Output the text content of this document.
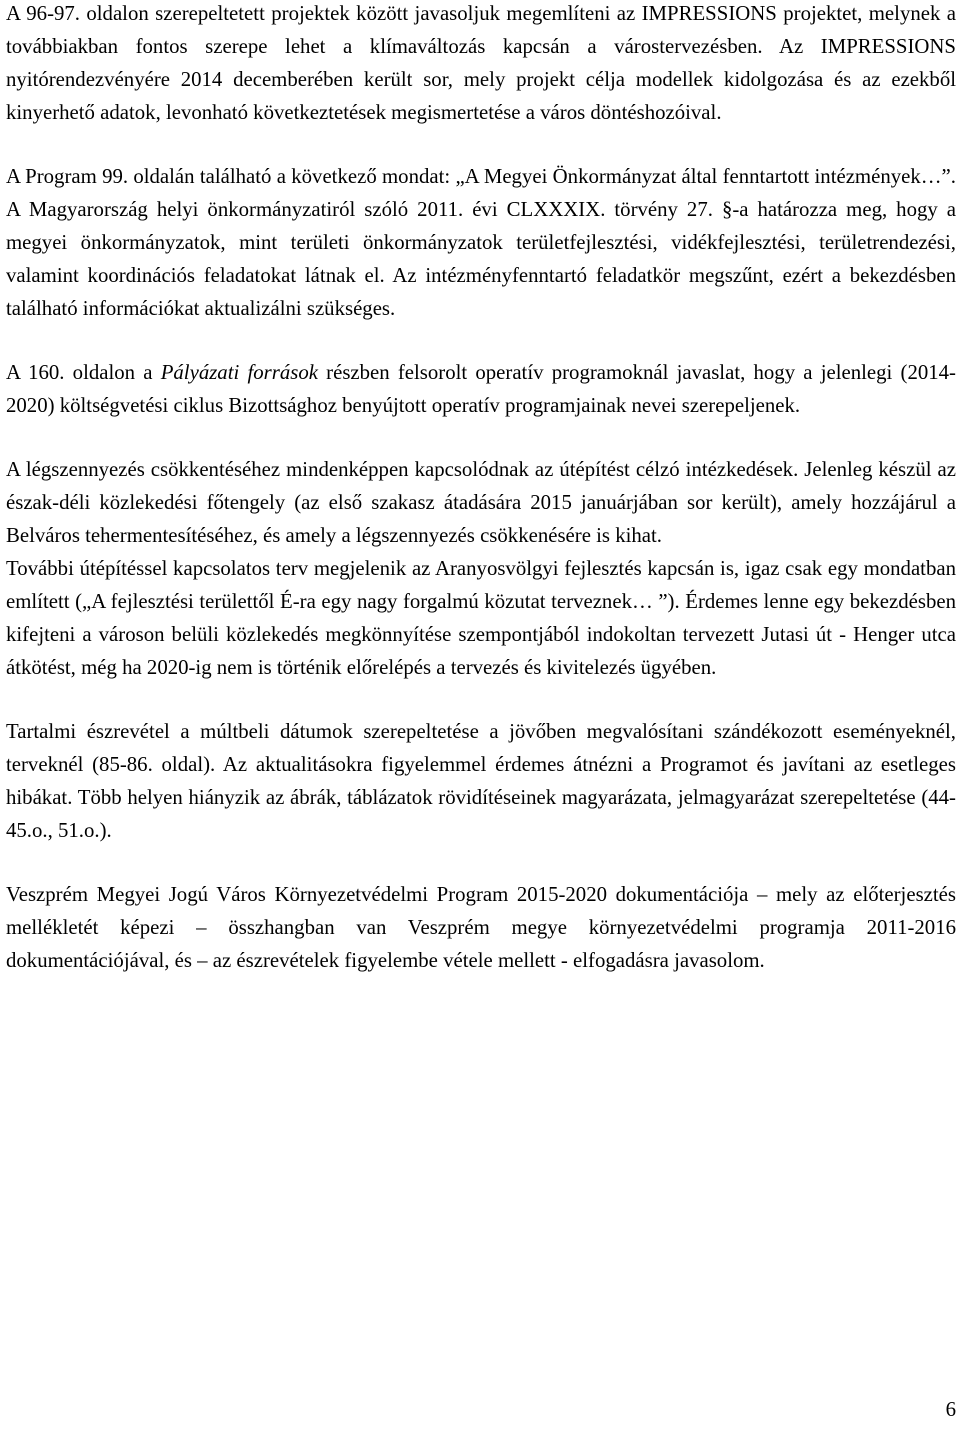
A 96-97. oldalon szerepeltetett projektek között javasoljuk megemlíteni az IMPRESSIONS projektet, melynek a továbbiakban fontos szerepe lehet a klímaváltozás kapcsán a várostervezésben. Az IMPRESSIONS nyitórendezvényére 2014 decemberében került sor, mely projekt célja modellek kidolgozása és az ezekből kinyerhető adatok, levonható következtetések megismertetése a város döntéshozóival.

A Program 99. oldalán található a következő mondat: „A Megyei Önkormányzat által fenntartott intézmények…”. A Magyarország helyi önkormányzatiról szóló 2011. évi CLXXXIX. törvény 27. §-a határozza meg, hogy a megyei önkormányzatok, mint területi önkormányzatok területfejlesztési, vidékfejlesztési, területrendezési, valamint koordinációs feladatokat látnak el. Az intézményfenntartó feladatkör megszűnt, ezért a bekezdésben található információkat aktualizálni szükséges.

A 160. oldalon a Pályázati források részben felsorolt operatív programoknál javaslat, hogy a jelenlegi (2014-2020) költségvetési ciklus Bizottsághoz benyújtott operatív programjainak nevei szerepeljenek.

A légszennyezés csökkentéséhez mindenképpen kapcsolódnak az útépítést célzó intézkedések. Jelenleg készül az észak-déli közlekedési főtengely (az első szakasz átadására 2015 januárjában sor került), amely hozzájárul a Belváros tehermentesítéséhez, és amely a légszennyezés csökkenésére is kihat.

További útépítéssel kapcsolatos terv megjelenik az Aranyosvölgyi fejlesztés kapcsán is, igaz csak egy mondatban említett („A fejlesztési területtől É-ra egy nagy forgalmú közutat terveznek… ”). Érdemes lenne egy bekezdésben kifejteni a városon belüli közlekedés megkönnyítése szempontjából indokoltan tervezett Jutasi út - Henger utca átkötést, még ha 2020-ig nem is történik előrelépés a tervezés és kivitelezés ügyében.

Tartalmi észrevétel a múltbeli dátumok szerepeltetése a jövőben megvalósítani szándékozott eseményeknél, terveknél (85-86. oldal). Az aktualitásokra figyelemmel érdemes átnézni a Programot és javítani az esetleges hibákat. Több helyen hiányzik az ábrák, táblázatok rövidítéseinek magyarázata, jelmagyarázat szerepeltetése (44-45.o., 51.o.).

Veszprém Megyei Jogú Város Környezetvédelmi Program 2015-2020 dokumentációja – mely az előterjesztés mellékletét képezi – összhangban van Veszprém megye környezetvédelmi programja 2011-2016 dokumentációjával, és – az észrevételek figyelembe vétele mellett - elfogadásra javasolom.

6
